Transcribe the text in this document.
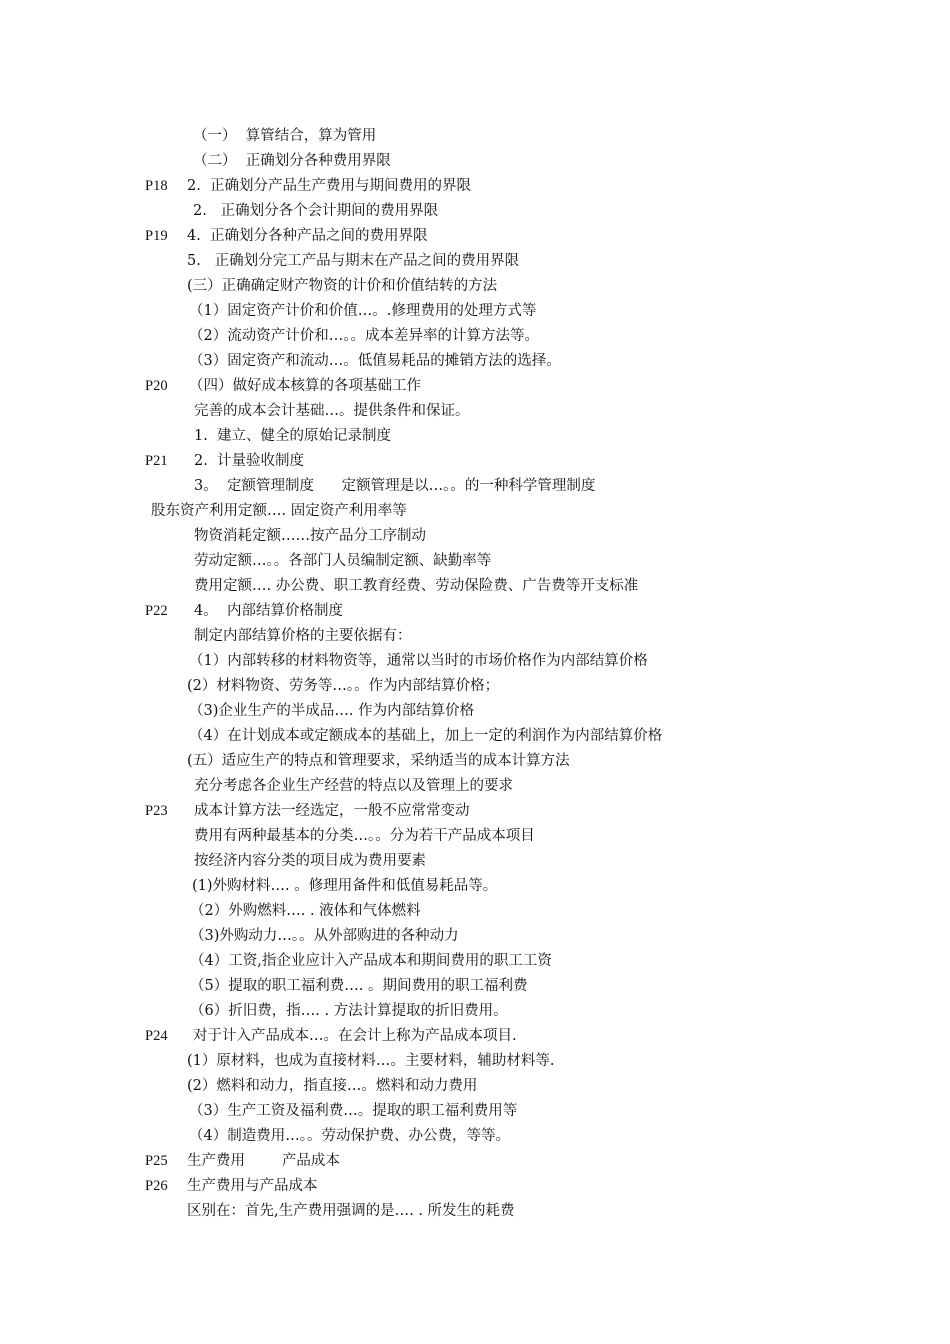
（一）  算管结合，算为管用
（二）  正确划分各种费用界限
P18 2.  正确划分产品生产费用与期间费用的界限
2.   正确划分各个会计期间的费用界限
P19 4.  正确划分各种产品之间的费用界限
5.   正确划分完工产品与期末在产品之间的费用界限
(三）正确确定财产物资的计价和价值结转的方法
（1）固定资产计价和价值…。.修理费用的处理方式等
（2）流动资产计价和…。。成本差异率的计算方法等。
（3）固定资产和流动…。低值易耗品的摊销方法的选择。
P20 （四）做好成本核算的各项基础工作
完善的成本会计基础…。提供条件和保证。
1.  建立、健全的原始记录制度
P21 2.  计量验收制度
3。  定额管理制度      定额管理是以…。。的一种科学管理制度
股东资产利用定额…. 固定资产利用率等
物资消耗定额……按产品分工序制动
劳动定额…。。各部门人员编制定额、缺勤率等
费用定额…. 办公费、职工教育经费、劳动保险费、广告费等开支标准
P22 4。  内部结算价格制度
制定内部结算价格的主要依据有：
（1）内部转移的材料物资等，通常以当时的市场价格作为内部结算价格
(2）材料物资、劳务等…。。作为内部结算价格；
（3)企业生产的半成品…. 作为内部结算价格
（4）在计划成本或定额成本的基础上，加上一定的利润作为内部结算价格
(五）适应生产的特点和管理要求，采纳适当的成本计算方法
充分考虑各企业生产经营的特点以及管理上的要求
P23 成本计算方法一经选定，一般不应常常变动
费用有两种最基本的分类…。。分为若干产品成本项目
按经济内容分类的项目成为费用要素
(1)外购材料…. 。修理用备件和低值易耗品等。
（2）外购燃料…. . 液体和气体燃料
（3)外购动力…。。从外部购进的各种动力
（4）工资,指企业应计入产品成本和期间费用的职工工资
（5）提取的职工福利费…. 。期间费用的职工福利费
（6）折旧费，指…. . 方法计算提取的折旧费用。
P24 对于计入产品成本…。在会计上称为产品成本项目.
(1）原材料，也成为直接材料…。主要材料，辅助材料等.
(2）燃料和动力，指直接…。燃料和动力费用
（3）生产工资及福利费…。提取的职工福利费用等
（4）制造费用…。。劳动保护费、办公费，等等。
P25 生产费用        产品成本
P26 生产费用与产品成本
区别在：首先,生产费用强调的是…. . 所发生的耗费
